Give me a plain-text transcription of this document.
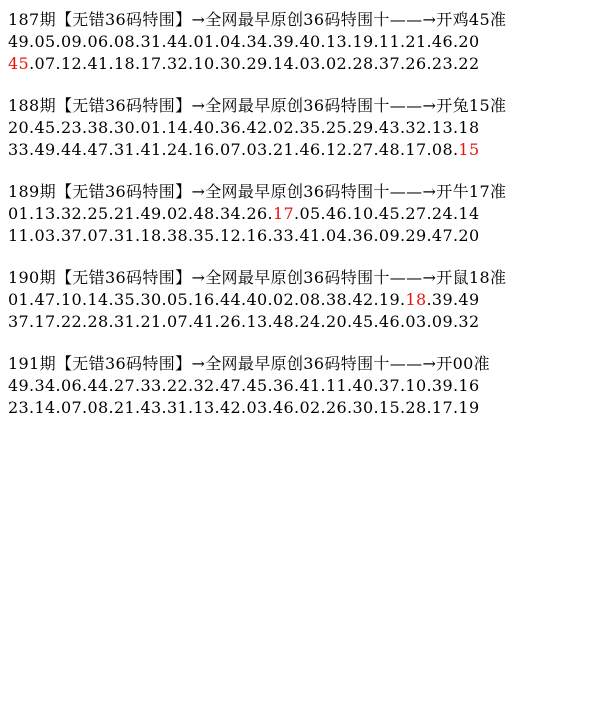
187期【无错36码特围】→全网最早原创36码特围十——→开鸡45准
49.05.09.06.08.31.44.01.04.34.39.40.13.19.11.21.46.20
45.07.12.41.18.17.32.10.30.29.14.03.02.28.37.26.23.22
188期【无错36码特围】→全网最早原创36码特围十——→开兔15准
20.45.23.38.30.01.14.40.36.42.02.35.25.29.43.32.13.18
33.49.44.47.31.41.24.16.07.03.21.46.12.27.48.17.08.15
189期【无错36码特围】→全网最早原创36码特围十——→开牛17准
01.13.32.25.21.49.02.48.34.26.17.05.46.10.45.27.24.14
11.03.37.07.31.18.38.35.12.16.33.41.04.36.09.29.47.20
190期【无错36码特围】→全网最早原创36码特围十——→开鼠18准
01.47.10.14.35.30.05.16.44.40.02.08.38.42.19.18.39.49
37.17.22.28.31.21.07.41.26.13.48.24.20.45.46.03.09.32
191期【无错36码特围】→全网最早原创36码特围十——→开00准
49.34.06.44.27.33.22.32.47.45.36.41.11.40.37.10.39.16
23.14.07.08.21.43.31.13.42.03.46.02.26.30.15.28.17.19
